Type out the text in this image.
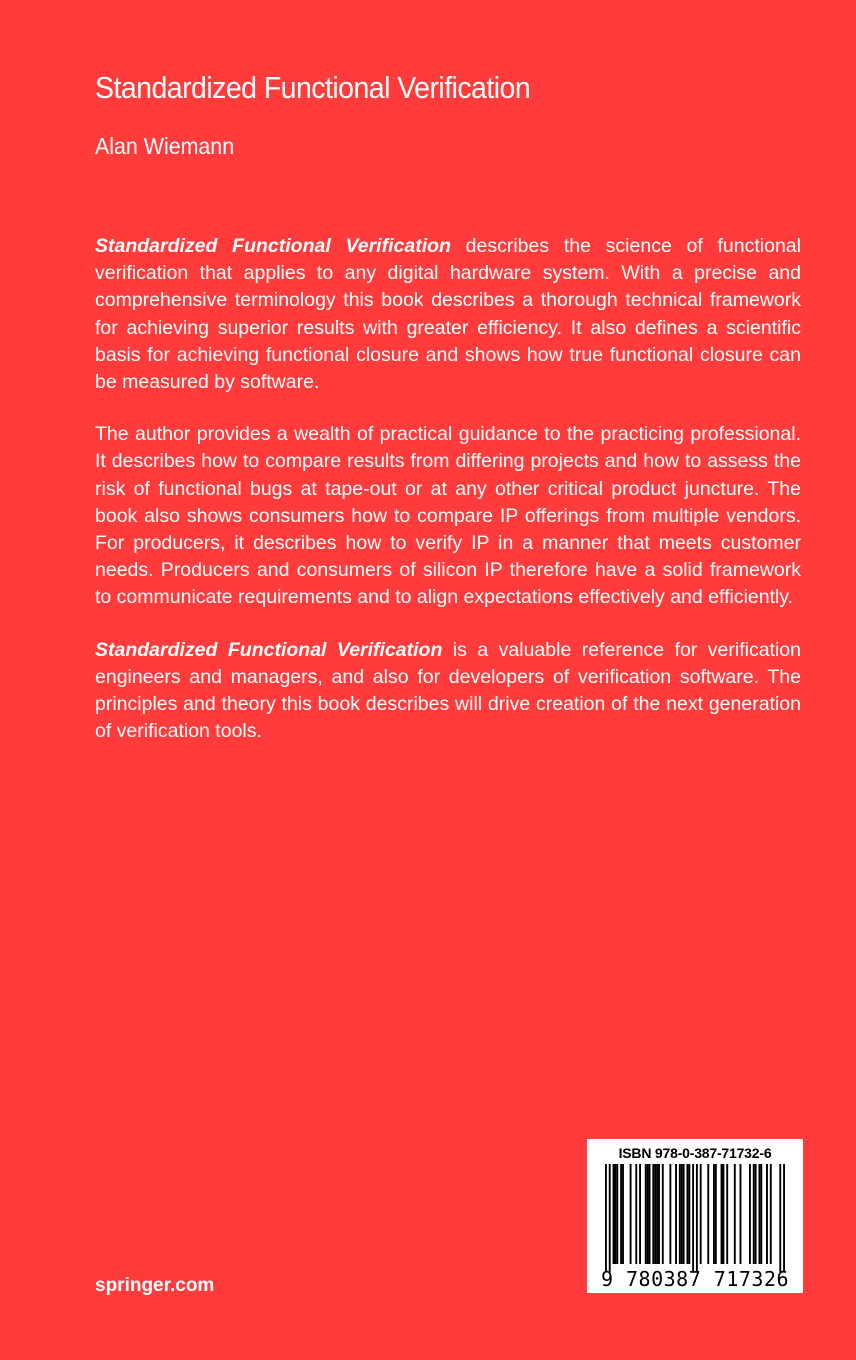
Standardized Functional Verification
Alan Wiemann

Standardized Functional Verification describes the science of functional verification that applies to any digital hardware system. With a precise and comprehensive terminology this book describes a thorough technical framework for achieving superior results with greater efficiency. It also defines a scientific basis for achieving functional closure and shows how true functional closure can be measured by software.

The author provides a wealth of practical guidance to the practicing professional. It describes how to compare results from differing projects and how to assess the risk of functional bugs at tape-out or at any other critical product juncture. The book also shows consumers how to compare IP offerings from multiple vendors. For producers, it describes how to verify IP in a manner that meets customer needs. Producers and consumers of silicon IP therefore have a solid framework to communicate requirements and to align expectations effectively and efficiently.

Standardized Functional Verification is a valuable reference for verification engineers and managers, and also for developers of verification software. The principles and theory this book describes will drive creation of the next generation of verification tools.

springer.com
ISBN 978-0-387-71732-6
9 780387 717326
